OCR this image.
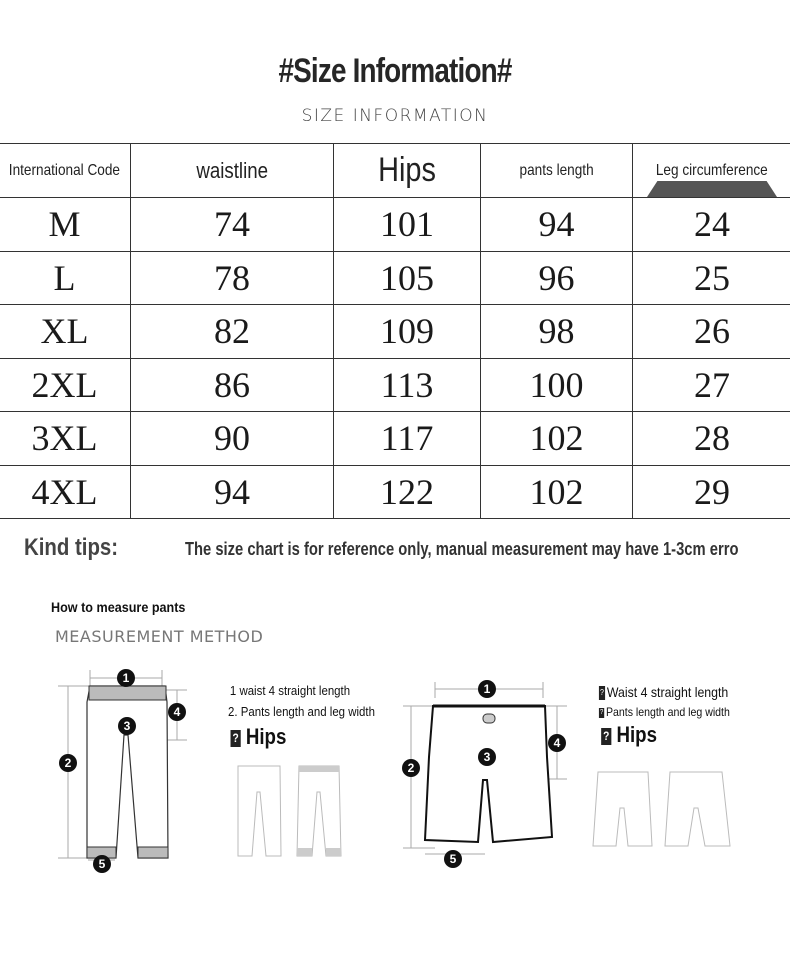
#Size Information#
SIZE INFORMATION
International Code	waistline	Hips	pants length	Leg circumference
M	74	101	94	24
L	78	105	96	25
XL	82	109	98	26
2XL	86	113	100	27
3XL	90	117	102	28
4XL	94	122	102	29
Kind tips:	The size chart is for reference only, manual measurement may have 1-3cm erro
How to measure pants
MEASUREMENT METHOD
1
2
3
4
5
1 waist 4 straight length
2. Pants length and leg width
? Hips
1
2
3
4
5
? Waist 4 straight length
? Pants length and leg width
? Hips
